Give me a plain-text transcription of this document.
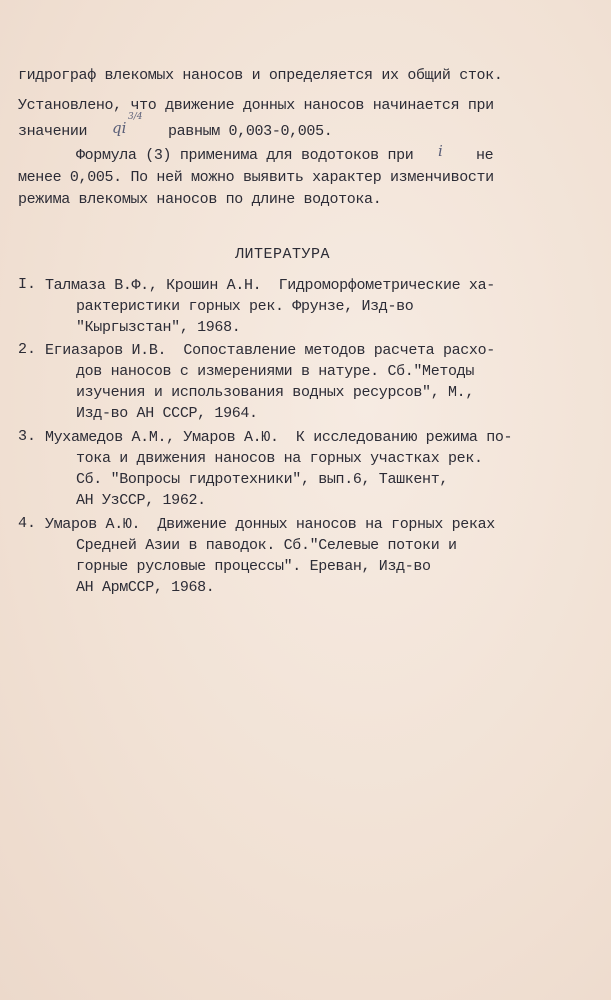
гидрограф влекомых наносов и определяется их общий сток.
Установлено, что движение донных наносов начинается при
значении qi
3/4
равным 0,003-0,005.
Формула (3) применима для водотоков при i не
менее 0,005. По ней можно выявить характер изменчивости
режима влекомых наносов по длине водотока.
ЛИТЕРАТУРА
I. Талмаза В.Ф., Крошин А.Н.  Гидроморфометрические ха-
рактеристики горных рек. Фрунзе, Изд-во
"Кыргызстан", 1968.
2. Егиазаров И.В.  Сопоставление методов расчета расхо-
дов наносов с измерениями в натуре. Сб."Методы
изучения и использования водных ресурсов", М.,
Изд-во АН СССР, 1964.
3. Мухамедов А.М., Умаров А.Ю.  К исследованию режима по-
тока и движения наносов на горных участках рек.
Сб. "Вопросы гидротехники", вып.6, Ташкент,
АН УзССР, 1962.
4. Умаров А.Ю.  Движение донных наносов на горных реках
Средней Азии в паводок. Сб."Селевые потоки и
горные русловые процессы". Ереван, Изд-во
АН АрмССР, 1968.
